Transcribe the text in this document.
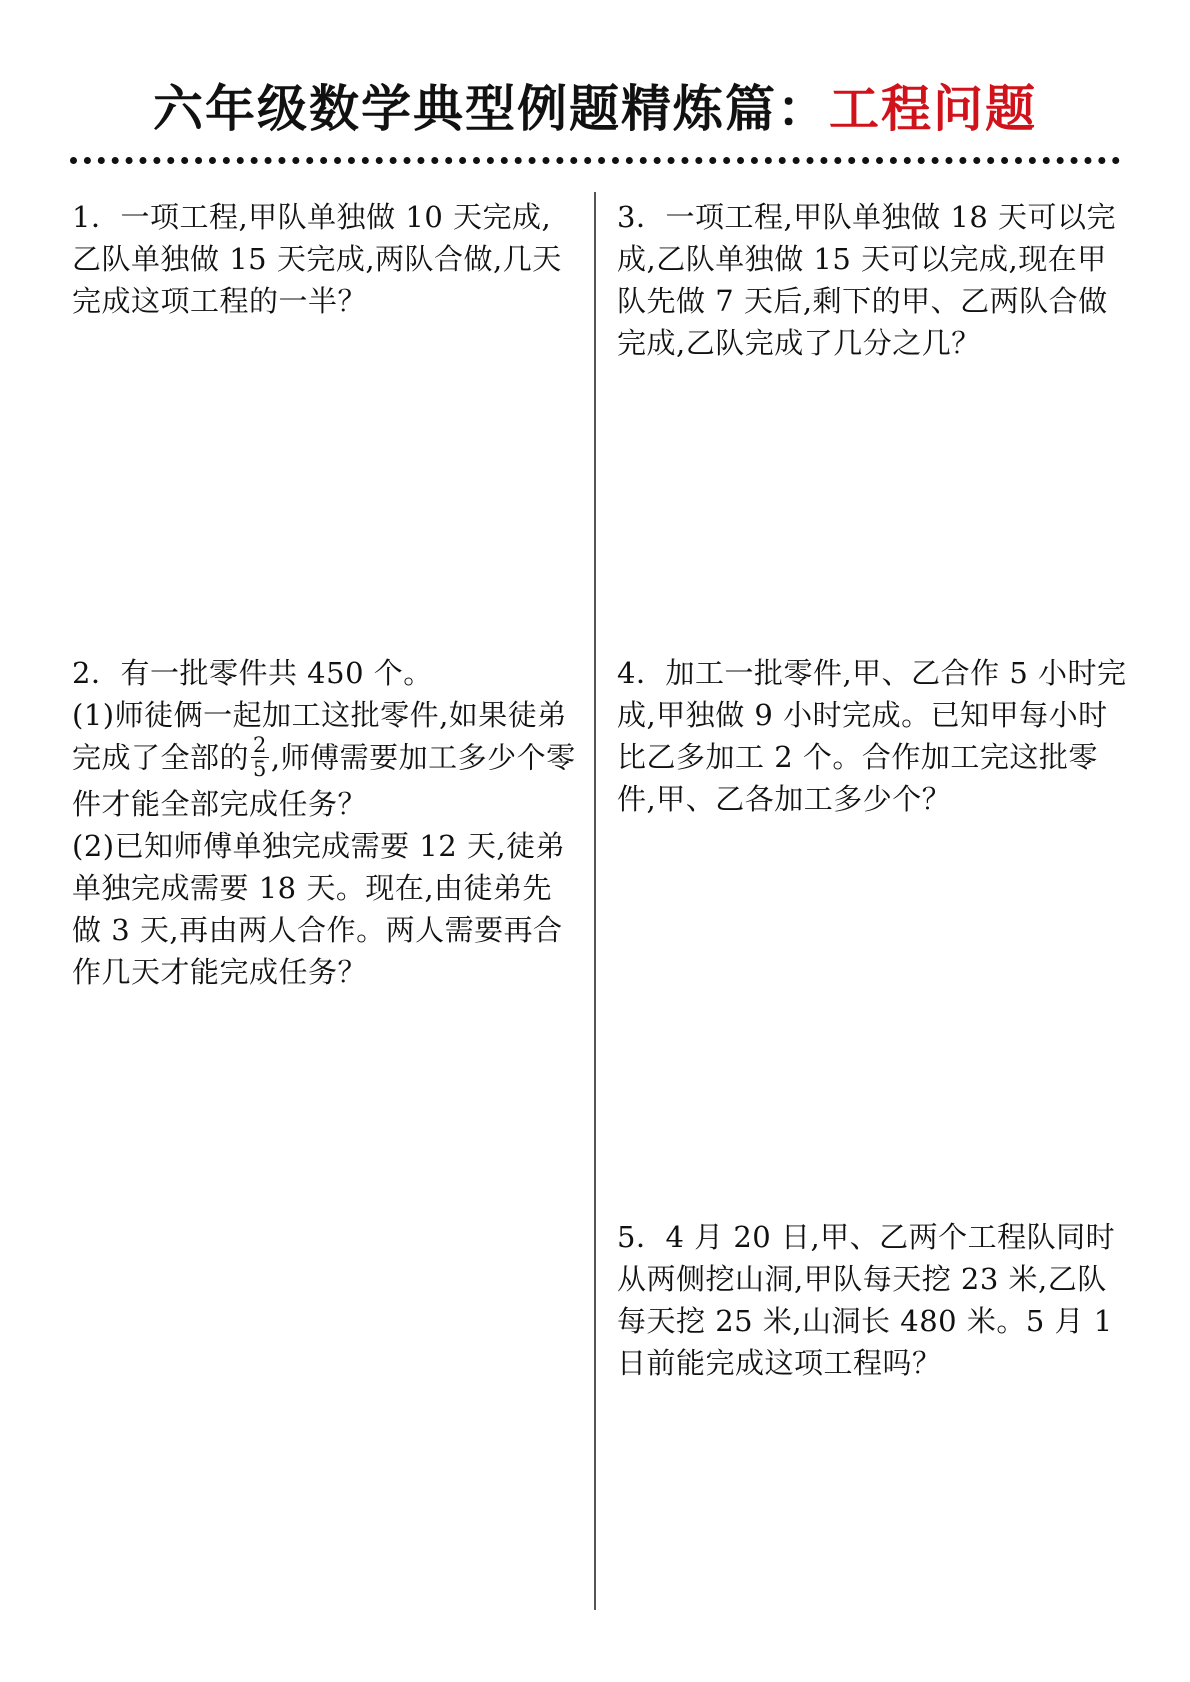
六年级数学典型例题精炼篇：工程问题

1．一项工程,甲队单独做 10 天完成,乙队单独做 15 天完成,两队合做,几天完成这项工程的一半？

2．有一批零件共 450 个。

(1)师徒俩一起加工这批零件,如果徒弟完成了全部的 $\frac{2}{5}$ ,师傅需要加工多少个零件才能全部完成任务？

(2)已知师傅单独完成需要 12 天,徒弟单独完成需要 18 天。现在,由徒弟先做 3 天,再由两人合作。两人需要再合作几天才能完成任务？

3．一项工程,甲队单独做 18 天可以完成,乙队单独做 15 天可以完成,现在甲队先做 7 天后,剩下的甲、乙两队合做完成,乙队完成了几分之几？

4．加工一批零件,甲、乙合作 5 小时完成,甲独做 9 小时完成。已知甲每小时比乙多加工 2 个。合作加工完这批零件,甲、乙各加工多少个？

5．4 月 20 日,甲、乙两个工程队同时从两侧挖山洞,甲队每天挖 23 米,乙队每天挖 25 米,山洞长 480 米。5 月 1 日前能完成这项工程吗？
